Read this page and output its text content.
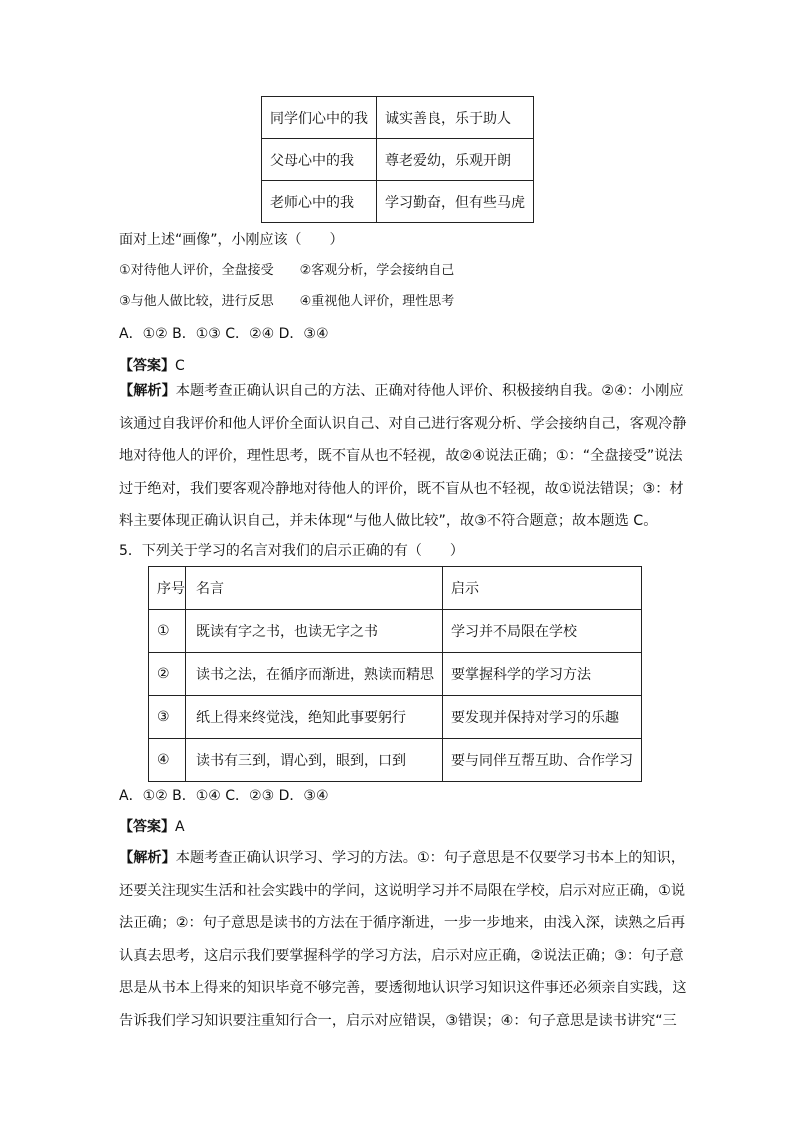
同学们心中的我	诚实善良，乐于助人
父母心中的我	尊老爱幼，乐观开朗
老师心中的我	学习勤奋，但有些马虎
面对上述“画像”，小刚应该（　　）
①对待他人评价，全盘接受　　②客观分析，学会接纳自己
③与他人做比较，进行反思　　④重视他人评价，理性思考
A．①② B．①③ C．②④ D．③④
【答案】C
【解析】本题考查正确认识自己的方法、正确对待他人评价、积极接纳自我。②④：小刚应
该通过自我评价和他人评价全面认识自己、对自己进行客观分析、学会接纳自己，客观冷静
地对待他人的评价，理性思考，既不盲从也不轻视，故②④说法正确；①：“全盘接受”说法
过于绝对，我们要客观冷静地对待他人的评价，既不盲从也不轻视，故①说法错误；③：材
料主要体现正确认识自己，并未体现“与他人做比较”，故③不符合题意；故本题选 C。
5．下列关于学习的名言对我们的启示正确的有（　　）
序号	名言	启示
①	既读有字之书，也读无字之书	学习并不局限在学校
②	读书之法，在循序而渐进，熟读而精思	要掌握科学的学习方法
③	纸上得来终觉浅，绝知此事要躬行	要发现并保持对学习的乐趣
④	读书有三到，谓心到，眼到，口到	要与同伴互帮互助、合作学习
A．①② B．①④ C．②③ D．③④
【答案】A
【解析】本题考查正确认识学习、学习的方法。①：句子意思是不仅要学习书本上的知识，
还要关注现实生活和社会实践中的学问，这说明学习并不局限在学校，启示对应正确，①说
法正确；②：句子意思是读书的方法在于循序渐进，一步一步地来，由浅入深，读熟之后再
认真去思考，这启示我们要掌握科学的学习方法，启示对应正确，②说法正确；③：句子意
思是从书本上得来的知识毕竟不够完善，要透彻地认识学习知识这件事还必须亲自实践，这
告诉我们学习知识要注重知行合一，启示对应错误，③错误；④：句子意思是读书讲究“三
